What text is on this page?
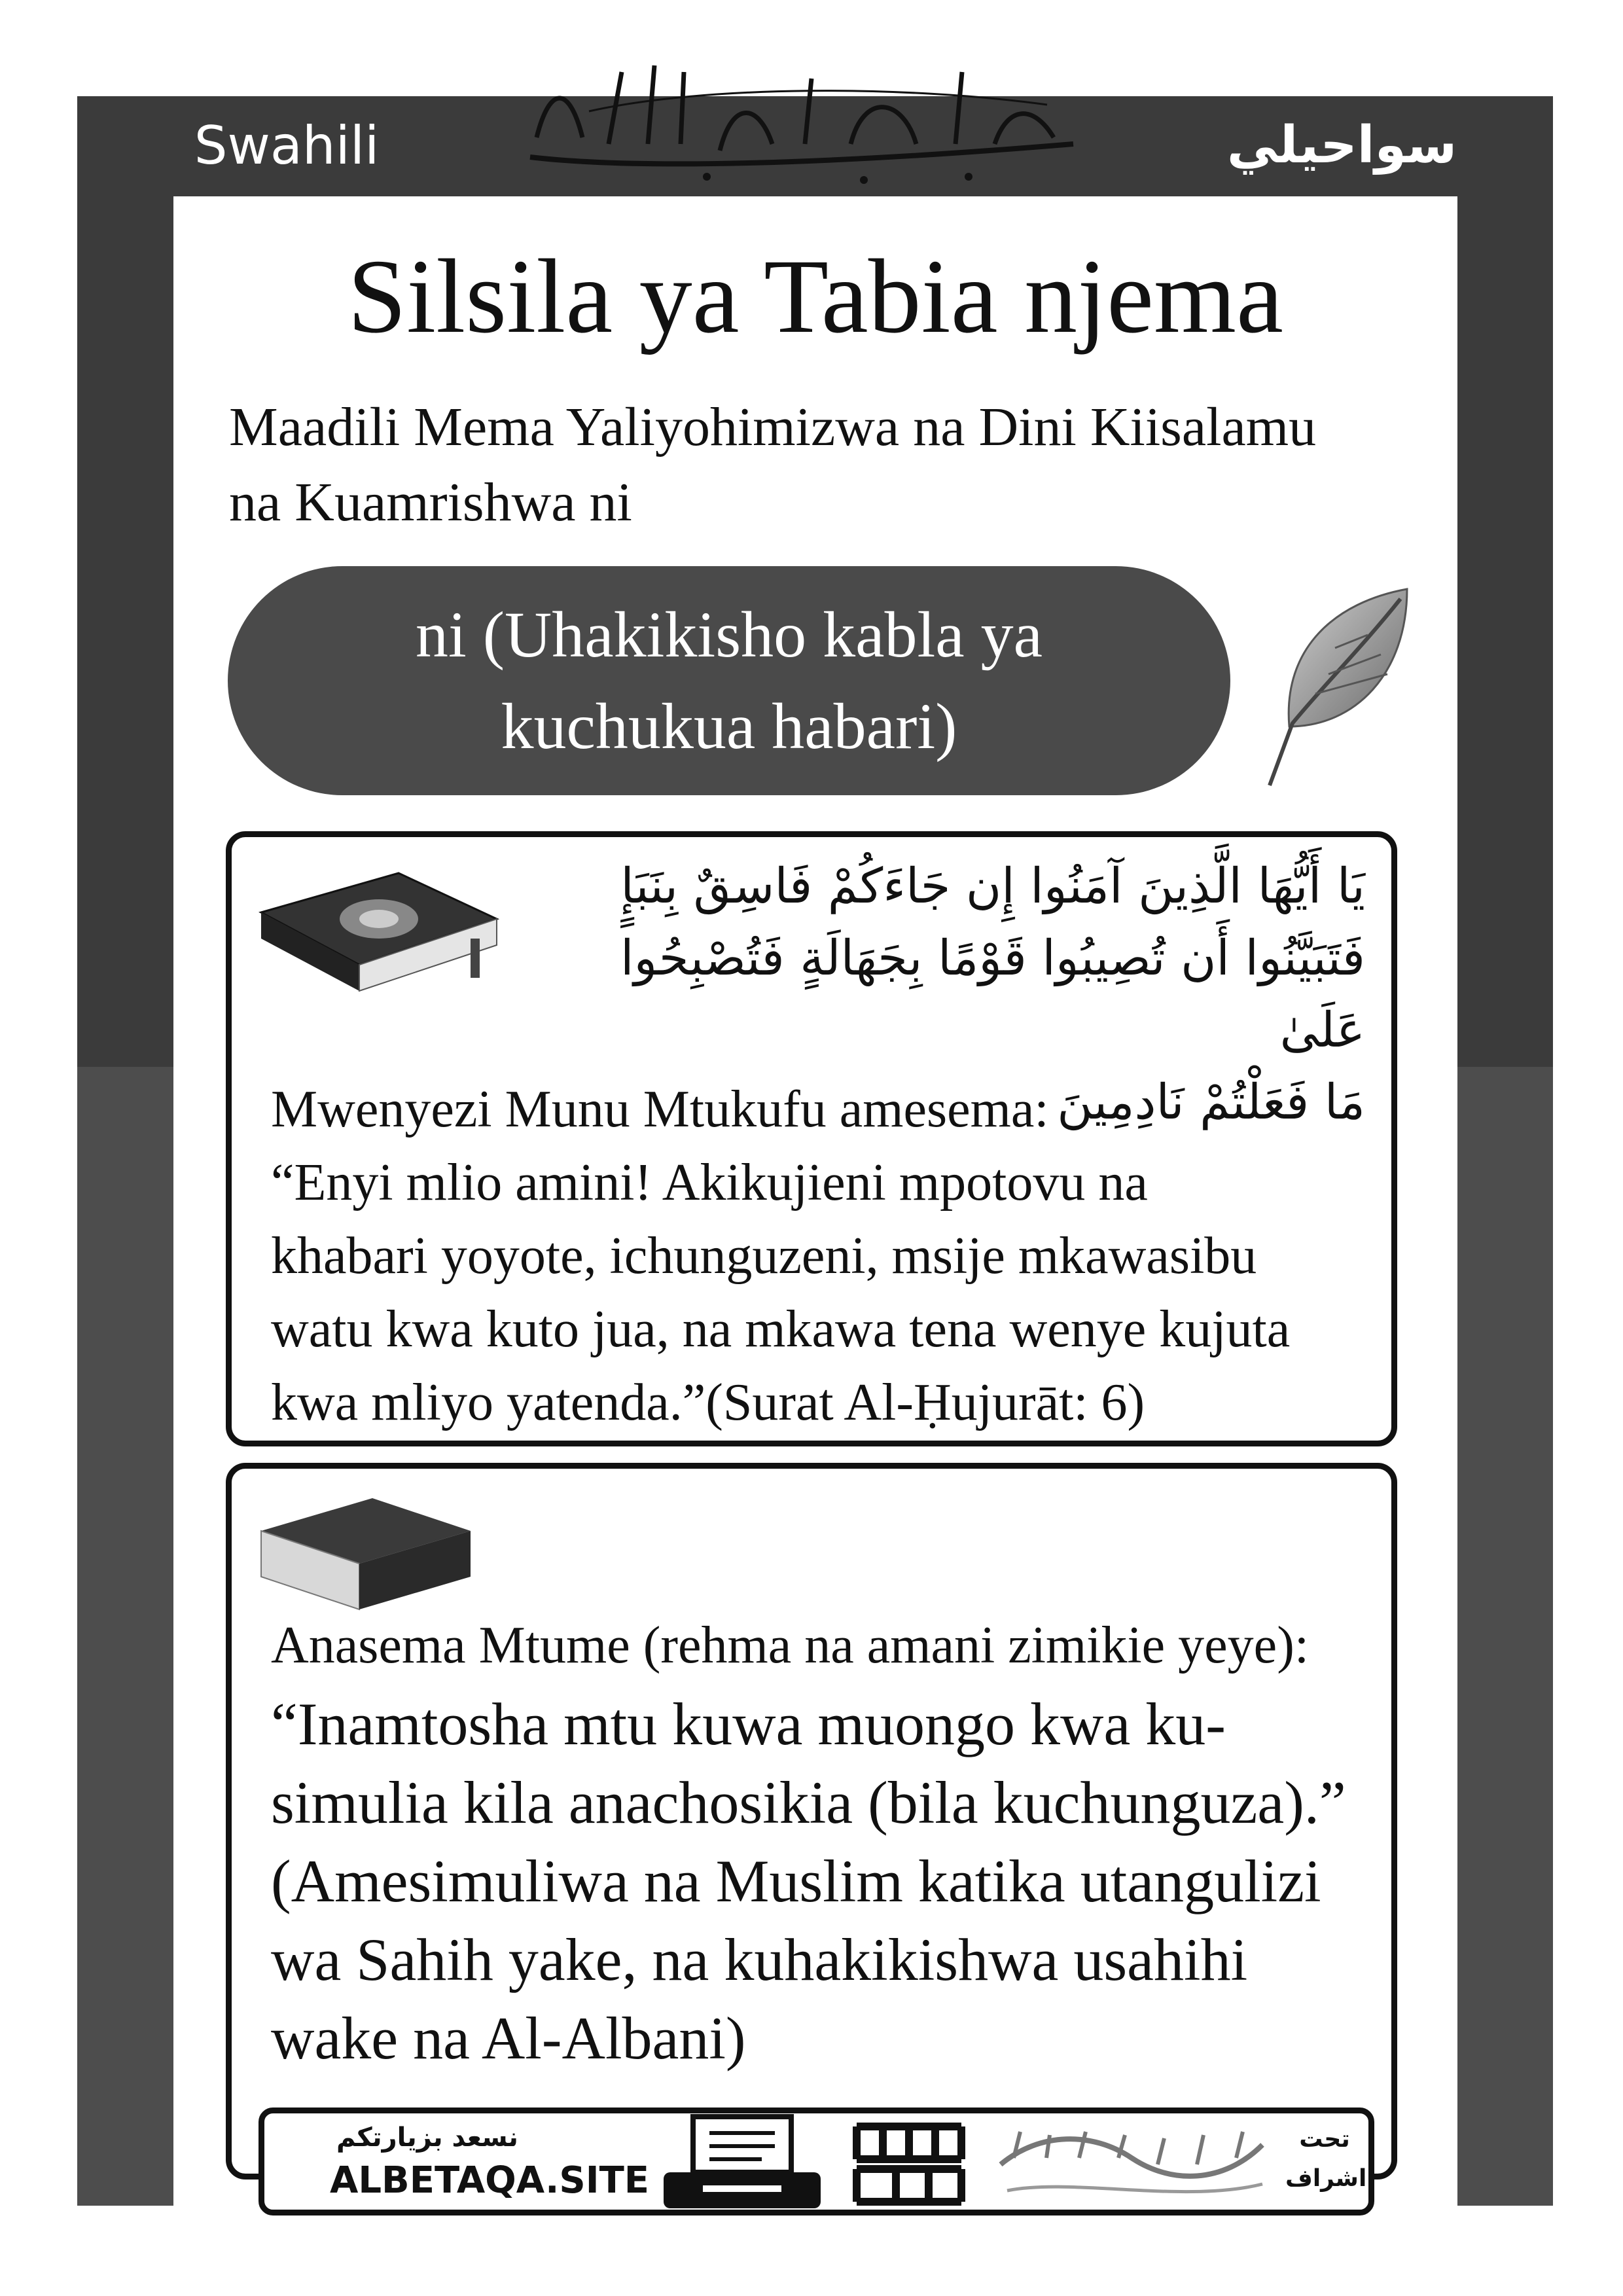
Swahili	سواحيلي
Silsila ya Tabia njema
Maadili Mema Yaliyohimizwa na Dini Kiisalamu na Kuamrishwa ni
ni (Uhakikisho kabla ya kuchukua habari)
يَا أَيُّهَا الَّذِينَ آمَنُوا إِن جَاءَكُمْ فَاسِقٌ بِنَبَإٍ
فَتَبَيَّنُوا أَن تُصِيبُوا قَوْمًا بِجَهَالَةٍ فَتُصْبِحُوا عَلَىٰ
مَا فَعَلْتُمْ نَادِمِينَ
Mwenyezi Munu Mtukufu amesema:
“Enyi mlio amini! Akikujieni mpotovu na
khabari yoyote, ichunguzeni, msije mkawasibu
watu kwa kuto jua, na mkawa tena wenye kujuta
kwa mliyo yatenda.”(Surat Al-Ḥujurāt: 6)
Anasema Mtume (rehma na amani zimikie yeye):
“Inamtosha mtu kuwa muongo kwa ku-
simulia kila anachosikia (bila kuchunguza).”
(Amesimuliwa na Muslim katika utangulizi
wa Sahih yake, na kuhakikishwa usahihi
wake na Al-Albani)
نسعد بزيارتكم
ALBETAQA.SITE
تحت
اشراف
